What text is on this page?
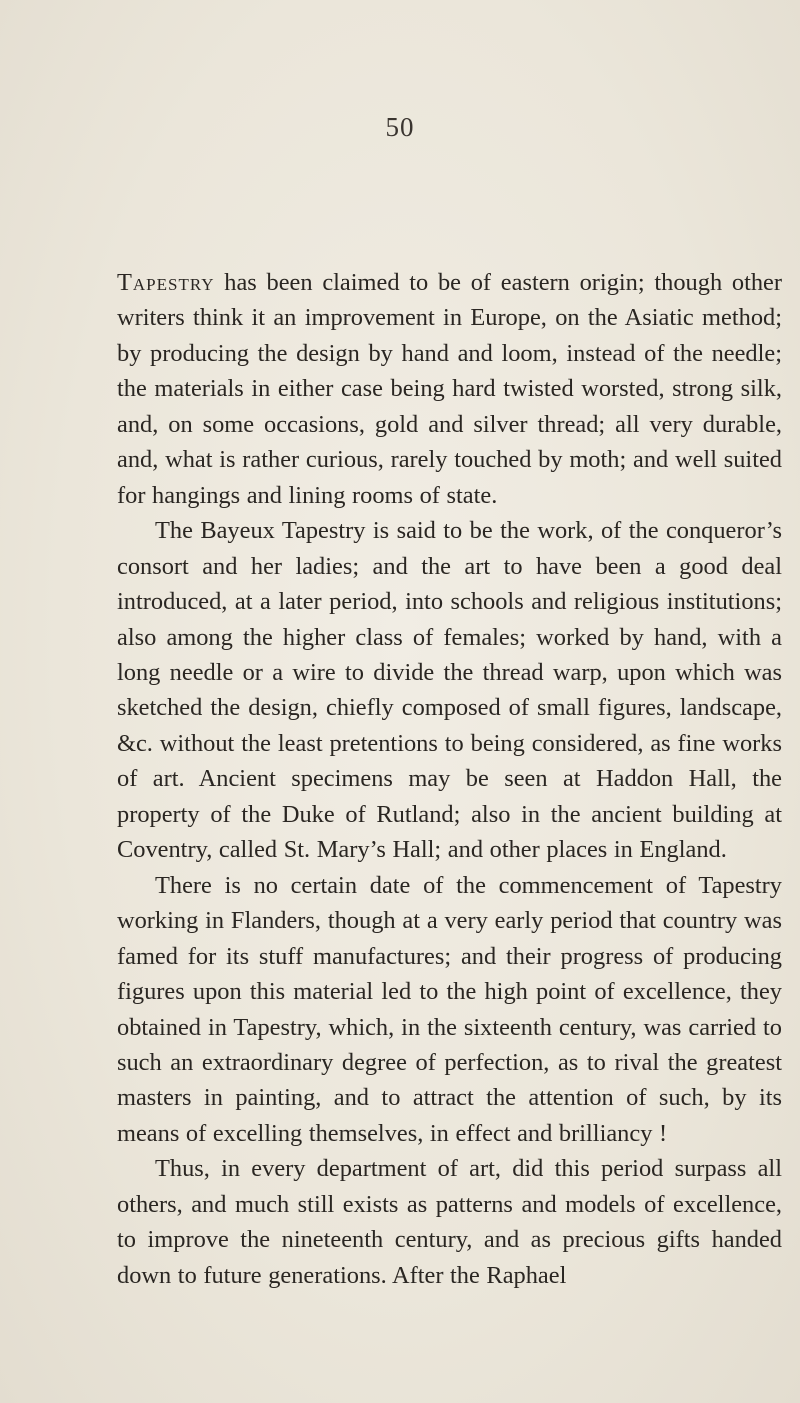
50

Tapestry has been claimed to be of eastern origin; though other writers think it an improvement in Europe, on the Asiatic method; by producing the design by hand and loom, instead of the needle; the materials in either case being hard twisted worsted, strong silk, and, on some occasions, gold and silver thread; all very durable, and, what is rather curious, rarely touched by moth; and well suited for hangings and lining rooms of state.

The Bayeux Tapestry is said to be the work, of the conqueror’s consort and her ladies; and the art to have been a good deal introduced, at a later period, into schools and religious institutions; also among the higher class of females; worked by hand, with a long needle or a wire to divide the thread warp, upon which was sketched the design, chiefly composed of small figures, landscape, &c. without the least pretentions to being considered, as fine works of art. Ancient specimens may be seen at Haddon Hall, the property of the Duke of Rutland; also in the ancient building at Coventry, called St. Mary’s Hall; and other places in England.

There is no certain date of the commencement of Tapestry working in Flanders, though at a very early period that country was famed for its stuff manufactures; and their progress of producing figures upon this material led to the high point of excellence, they obtained in Tapestry, which, in the sixteenth century, was carried to such an extraordinary degree of perfection, as to rival the greatest masters in painting, and to attract the attention of such, by its means of excelling themselves, in effect and brilliancy !

Thus, in every department of art, did this period surpass all others, and much still exists as patterns and models of excellence, to improve the nineteenth century, and as precious gifts handed down to future generations. After the Raphael
